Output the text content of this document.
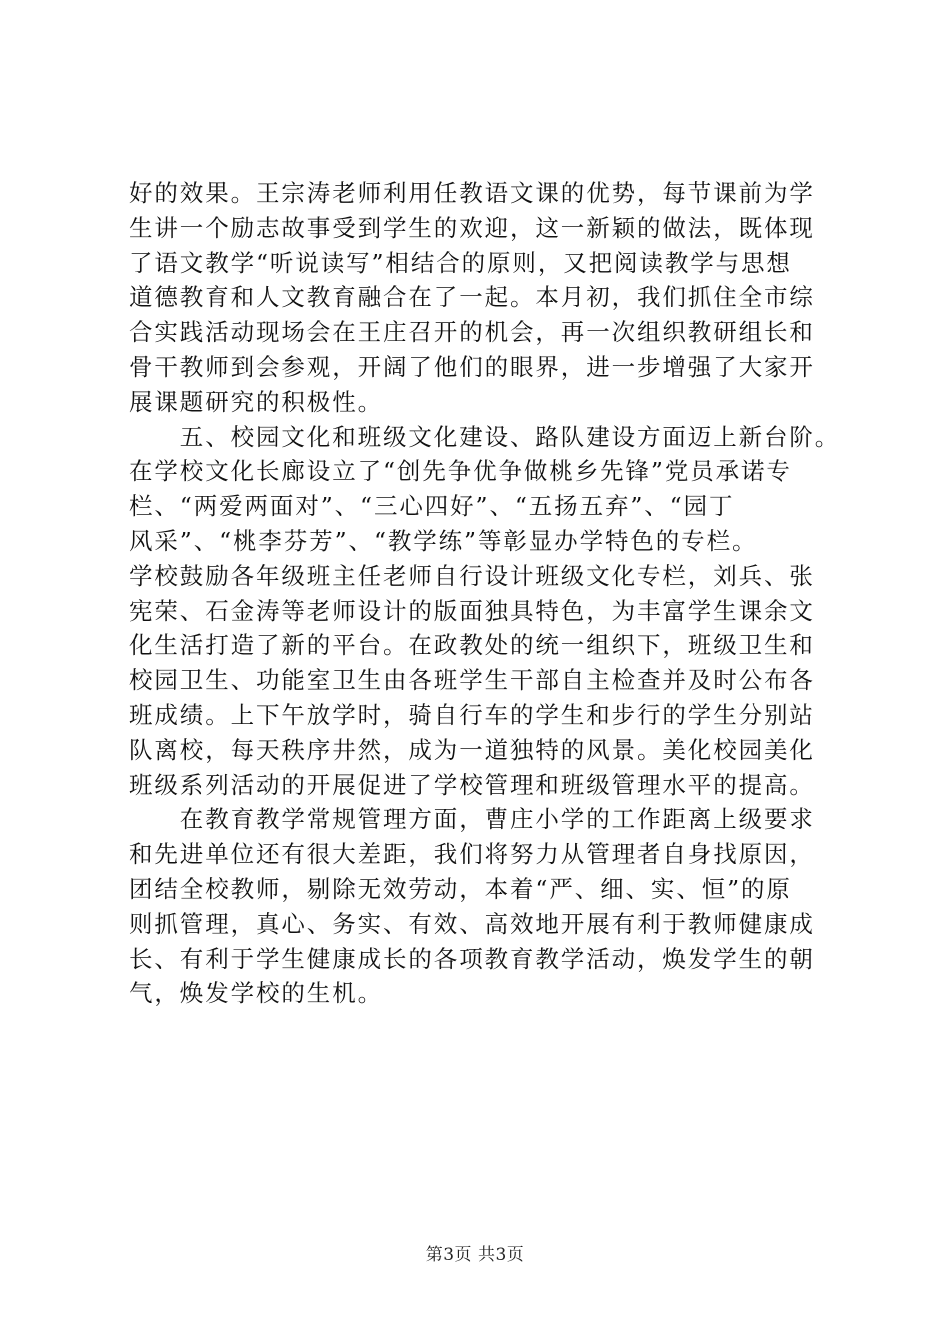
好的效果。王宗涛老师利用任教语文课的优势，每节课前为学
生讲一个励志故事受到学生的欢迎，这一新颖的做法，既体现
了语文教学“听说读写”相结合的原则，又把阅读教学与思想
道德教育和人文教育融合在了一起。本月初，我们抓住全市综
合实践活动现场会在王庄召开的机会，再一次组织教研组长和
骨干教师到会参观，开阔了他们的眼界，进一步增强了大家开
展课题研究的积极性。
　　五、校园文化和班级文化建设、路队建设方面迈上新台阶。
在学校文化长廊设立了“创先争优争做桃乡先锋”党员承诺专
栏、“两爱两面对”、“三心四好”、“五扬五弃”、“园丁
风采”、“桃李芬芳”、“教学练”等彰显办学特色的专栏。
学校鼓励各年级班主任老师自行设计班级文化专栏，刘兵、张
宪荣、石金涛等老师设计的版面独具特色，为丰富学生课余文
化生活打造了新的平台。在政教处的统一组织下，班级卫生和
校园卫生、功能室卫生由各班学生干部自主检查并及时公布各
班成绩。上下午放学时，骑自行车的学生和步行的学生分别站
队离校，每天秩序井然，成为一道独特的风景。美化校园美化
班级系列活动的开展促进了学校管理和班级管理水平的提高。
　　在教育教学常规管理方面，曹庄小学的工作距离上级要求
和先进单位还有很大差距，我们将努力从管理者自身找原因，
团结全校教师，剔除无效劳动，本着“严、细、实、恒”的原
则抓管理，真心、务实、有效、高效地开展有利于教师健康成
长、有利于学生健康成长的各项教育教学活动，焕发学生的朝
气，焕发学校的生机。
第3页 共3页
